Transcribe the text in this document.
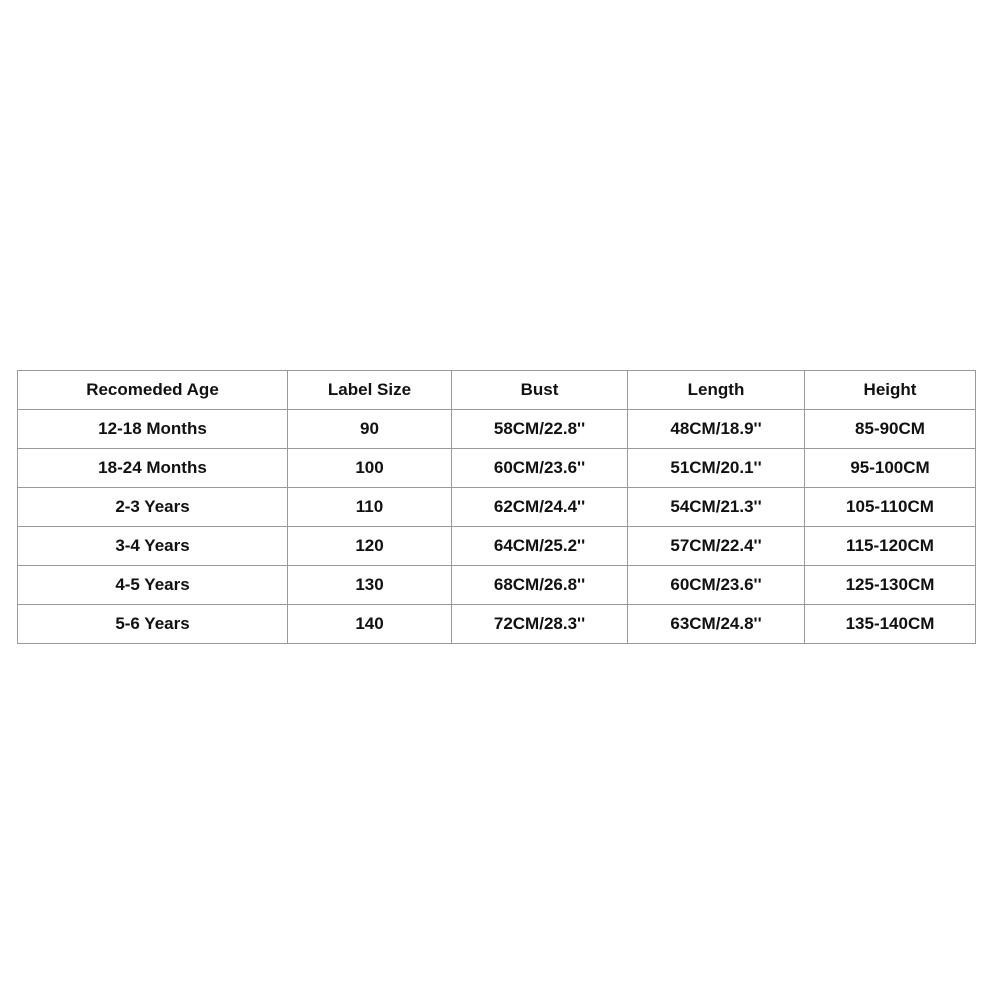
Recomeded Age	Label Size	Bust	Length	Height
12-18 Months	90	58CM/22.8''	48CM/18.9''	85-90CM
18-24 Months	100	60CM/23.6''	51CM/20.1''	95-100CM
2-3 Years	110	62CM/24.4''	54CM/21.3''	105-110CM
3-4 Years	120	64CM/25.2''	57CM/22.4''	115-120CM
4-5 Years	130	68CM/26.8''	60CM/23.6''	125-130CM
5-6 Years	140	72CM/28.3''	63CM/24.8''	135-140CM
